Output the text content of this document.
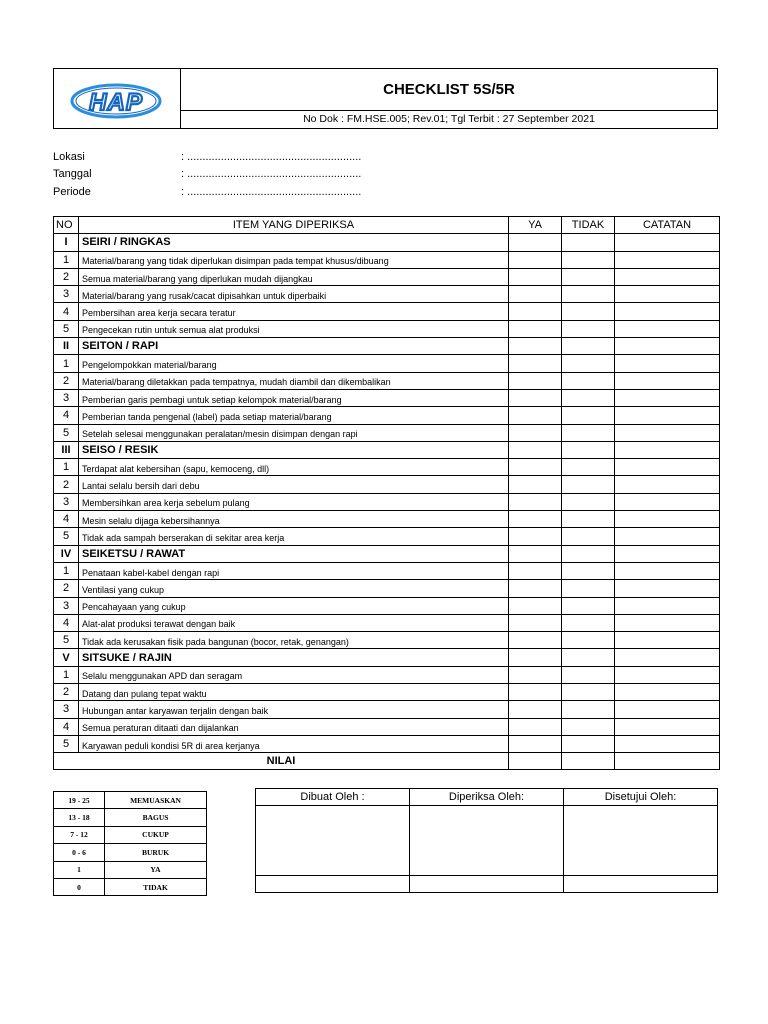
HAP	CHECKLIST 5S/5R
No Dok : FM.HSE.005; Rev.01; Tgl Terbit : 27 September 2021
Lokasi	: .........................................................
Tanggal	: .........................................................
Periode	: .........................................................
NO	ITEM YANG DIPERIKSA	YA	TIDAK	CATATAN
I	SEIRI / RINGKAS			
1	Material/barang yang tidak diperlukan disimpan pada tempat khusus/dibuang			
2	Semua material/barang yang diperlukan mudah dijangkau			
3	Material/barang yang rusak/cacat dipisahkan untuk diperbaiki			
4	Pembersihan area kerja secara teratur			
5	Pengecekan rutin untuk semua alat produksi			
II	SEITON / RAPI			
1	Pengelompokkan material/barang			
2	Material/barang diletakkan pada tempatnya, mudah diambil dan dikembalikan			
3	Pemberian garis pembagi untuk setiap kelompok material/barang			
4	Pemberian tanda pengenal (label) pada setiap material/barang			
5	Setelah selesai menggunakan peralatan/mesin disimpan dengan rapi			
III	SEISO / RESIK			
1	Terdapat alat kebersihan (sapu, kemoceng, dll)			
2	Lantai selalu bersih dari debu			
3	Membersihkan area kerja sebelum pulang			
4	Mesin selalu dijaga kebersihannya			
5	Tidak ada sampah berserakan di sekitar area kerja			
IV	SEIKETSU / RAWAT			
1	Penataan kabel-kabel dengan rapi			
2	Ventilasi yang cukup			
3	Pencahayaan yang cukup			
4	Alat-alat produksi terawat dengan baik			
5	Tidak ada kerusakan fisik pada bangunan (bocor, retak, genangan)			
V	SITSUKE / RAJIN			
1	Selalu menggunakan APD dan seragam			
2	Datang dan pulang tepat waktu			
3	Hubungan antar karyawan terjalin dengan baik			
4	Semua peraturan ditaati dan dijalankan			
5	Karyawan peduli kondisi 5R di area kerjanya			
NILAI				
19 - 25	MEMUASKAN
13 - 18	BAGUS
7 - 12	CUKUP
0 - 6	BURUK
1	YA
0	TIDAK
Dibuat Oleh :	Diperiksa Oleh:	Disetujui Oleh:
